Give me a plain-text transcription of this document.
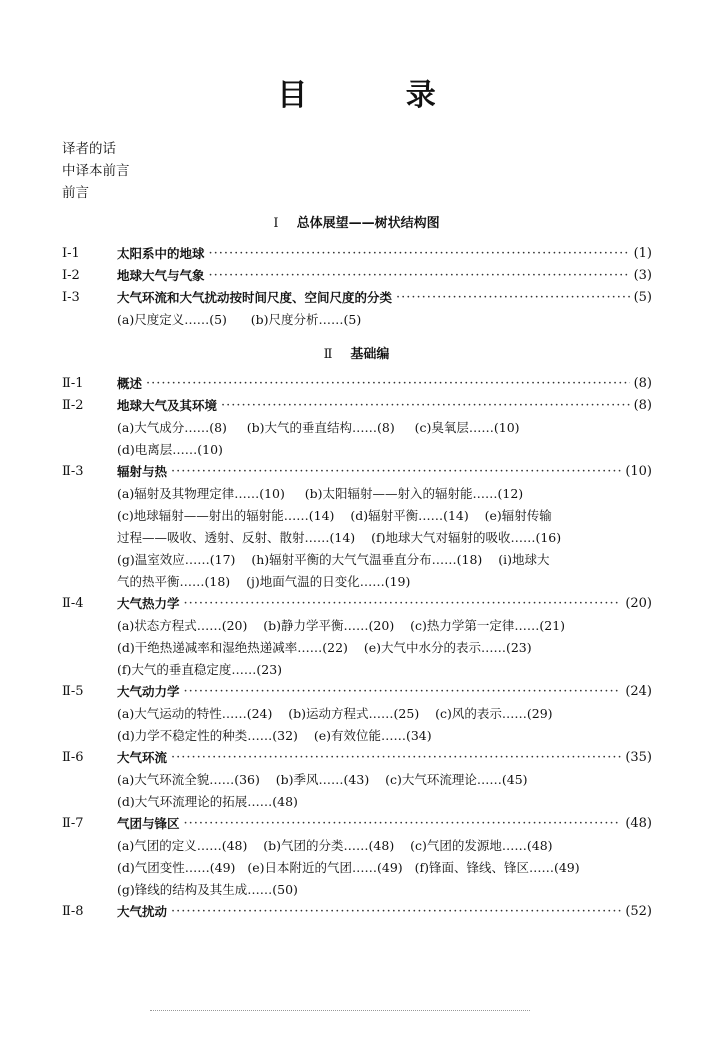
目 录
译者的话
中译本前言
前言
Ⅰ 总体展望——树状结构图
Ⅰ-1	太阳系中的地球 ·····	(1)
Ⅰ-2	地球大气与气象 ·····	(3)
Ⅰ-3	大气环流和大气扰动按时间尺度、空间尺度的分类 ·····	(5)
(a)尺度定义……(5) (b)尺度分析……(5)
Ⅱ 基础编
Ⅱ-1	概述 ·····	(8)
Ⅱ-2	地球大气及其环境 ·····	(8)
(a)大气成分……(8) (b)大气的垂直结构……(8) (c)臭氧层……(10)
(d)电离层……(10)
Ⅱ-3	辐射与热 ·····	(10)
(a)辐射及其物理定律……(10) (b)太阳辐射——射入的辐射能……(12)
(c)地球辐射——射出的辐射能……(14) (d)辐射平衡……(14) (e)辐射传输
过程——吸收、透射、反射、散射……(14) (f)地球大气对辐射的吸收……(16)
(g)温室效应……(17) (h)辐射平衡的大气气温垂直分布……(18) (i)地球大
气的热平衡……(18) (j)地面气温的日变化……(19)
Ⅱ-4	大气热力学 ·····	(20)
(a)状态方程式……(20) (b)静力学平衡……(20) (c)热力学第一定律……(21)
(d)干绝热递减率和湿绝热递减率……(22) (e)大气中水分的表示……(23)
(f)大气的垂直稳定度……(23)
Ⅱ-5	大气动力学 ·····	(24)
(a)大气运动的特性……(24) (b)运动方程式……(25) (c)风的表示……(29)
(d)力学不稳定性的种类……(32) (e)有效位能……(34)
Ⅱ-6	大气环流 ·····	(35)
(a)大气环流全貌……(36) (b)季风……(43) (c)大气环流理论……(45)
(d)大气环流理论的拓展……(48)
Ⅱ-7	气团与锋区 ·····	(48)
(a)气团的定义……(48) (b)气团的分类……(48) (c)气团的发源地……(48)
(d)气团变性……(49) (e)日本附近的气团……(49) (f)锋面、锋线、锋区……(49)
(g)锋线的结构及其生成……(50)
Ⅱ-8	大气扰动 ·····	(52)
